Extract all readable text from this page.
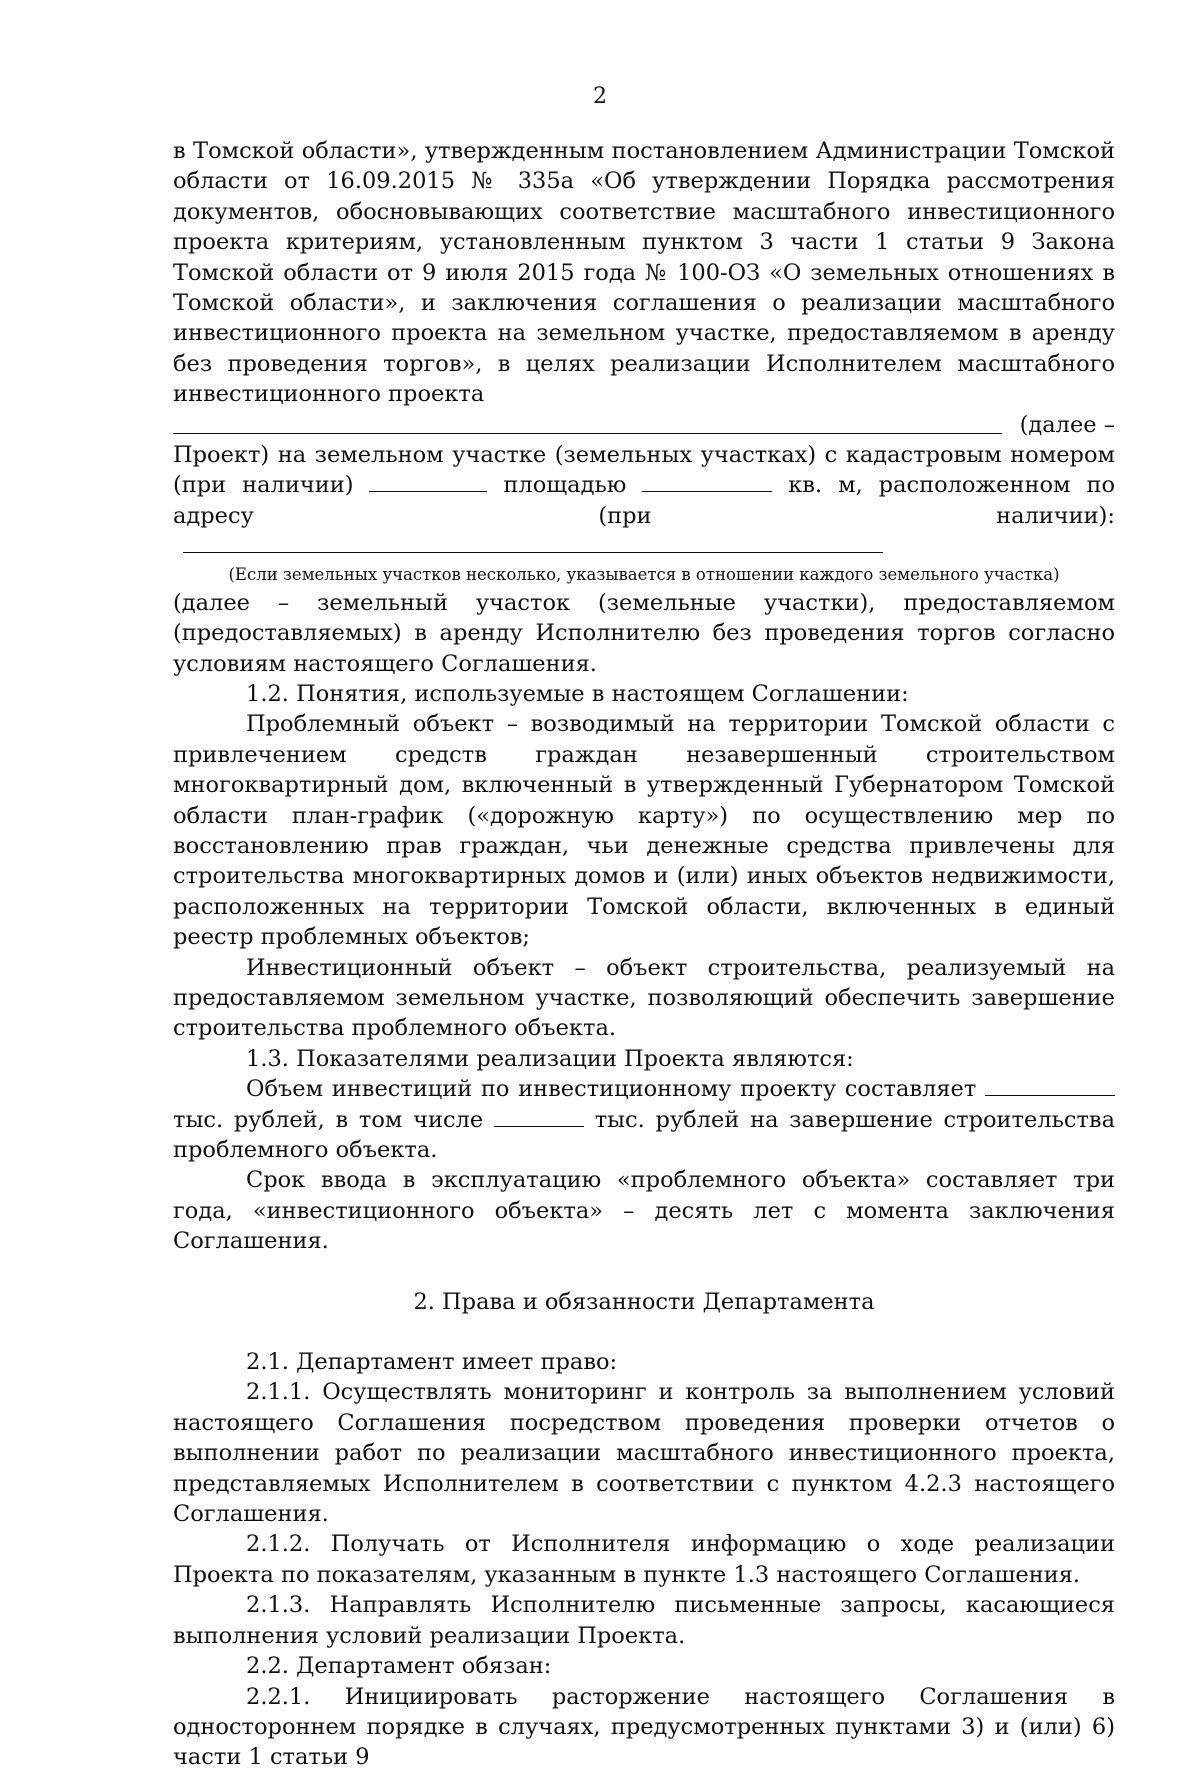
2

в Томской области», утвержденным постановлением Администрации Томской области от 16.09.2015 № 335а «Об утверждении Порядка рассмотрения документов, обосновывающих соответствие масштабного инвестиционного проекта критериям, установленным пунктом 3 части 1 статьи 9 Закона Томской области от 9 июля 2015 года № 100-ОЗ «О земельных отношениях в Томской области», и заключения соглашения о реализации масштабного инвестиционного проекта на земельном участке, предоставляемом в аренду без проведения торгов», в целях реализации Исполнителем масштабного инвестиционного проекта

(далее –

Проект) на земельном участке (земельных участках) с кадастровым номером (при наличии)	площадью	кв. м, расположенном по адресу (при наличии):

(Если земельных участков несколько, указывается в отношении каждого земельного участка)

(далее – земельный участок (земельные участки), предоставляемом (предоставляемых) в аренду Исполнителю без проведения торгов согласно условиям настоящего Соглашения.

1.2. Понятия, используемые в настоящем Соглашении:

Проблемный объект – возводимый на территории Томской области с привлечением средств граждан незавершенный строительством многоквартирный дом, включенный в утвержденный Губернатором Томской области план-график («дорожную карту») по осуществлению мер по восстановлению прав граждан, чьи денежные средства привлечены для строительства многоквартирных домов и (или) иных объектов недвижимости, расположенных на территории Томской области, включенных в единый реестр проблемных объектов;

Инвестиционный объект – объект строительства, реализуемый на предоставляемом земельном участке, позволяющий обеспечить завершение строительства проблемного объекта.

1.3. Показателями реализации Проекта являются:

Объем инвестиций по инвестиционному проекту составляет  тыс. рублей, в том числе	тыс. рублей на завершение строительства проблемного объекта.

Срок ввода в эксплуатацию «проблемного объекта» составляет три года, «инвестиционного объекта» – десять лет с момента заключения Соглашения.

2. Права и обязанности Департамента

2.1. Департамент имеет право:

2.1.1. Осуществлять мониторинг и контроль за выполнением условий настоящего Соглашения посредством проведения проверки отчетов о выполнении работ по реализации масштабного инвестиционного проекта, представляемых Исполнителем в соответствии с пунктом 4.2.3 настоящего Соглашения.

2.1.2. Получать от Исполнителя информацию о ходе реализации Проекта по показателям, указанным в пункте 1.3 настоящего Соглашения.

2.1.3. Направлять Исполнителю письменные запросы, касающиеся выполнения условий реализации Проекта.

2.2. Департамент обязан:

2.2.1. Инициировать расторжение настоящего Соглашения в одностороннем порядке в случаях, предусмотренных пунктами 3) и (или) 6) части 1 статьи 9
